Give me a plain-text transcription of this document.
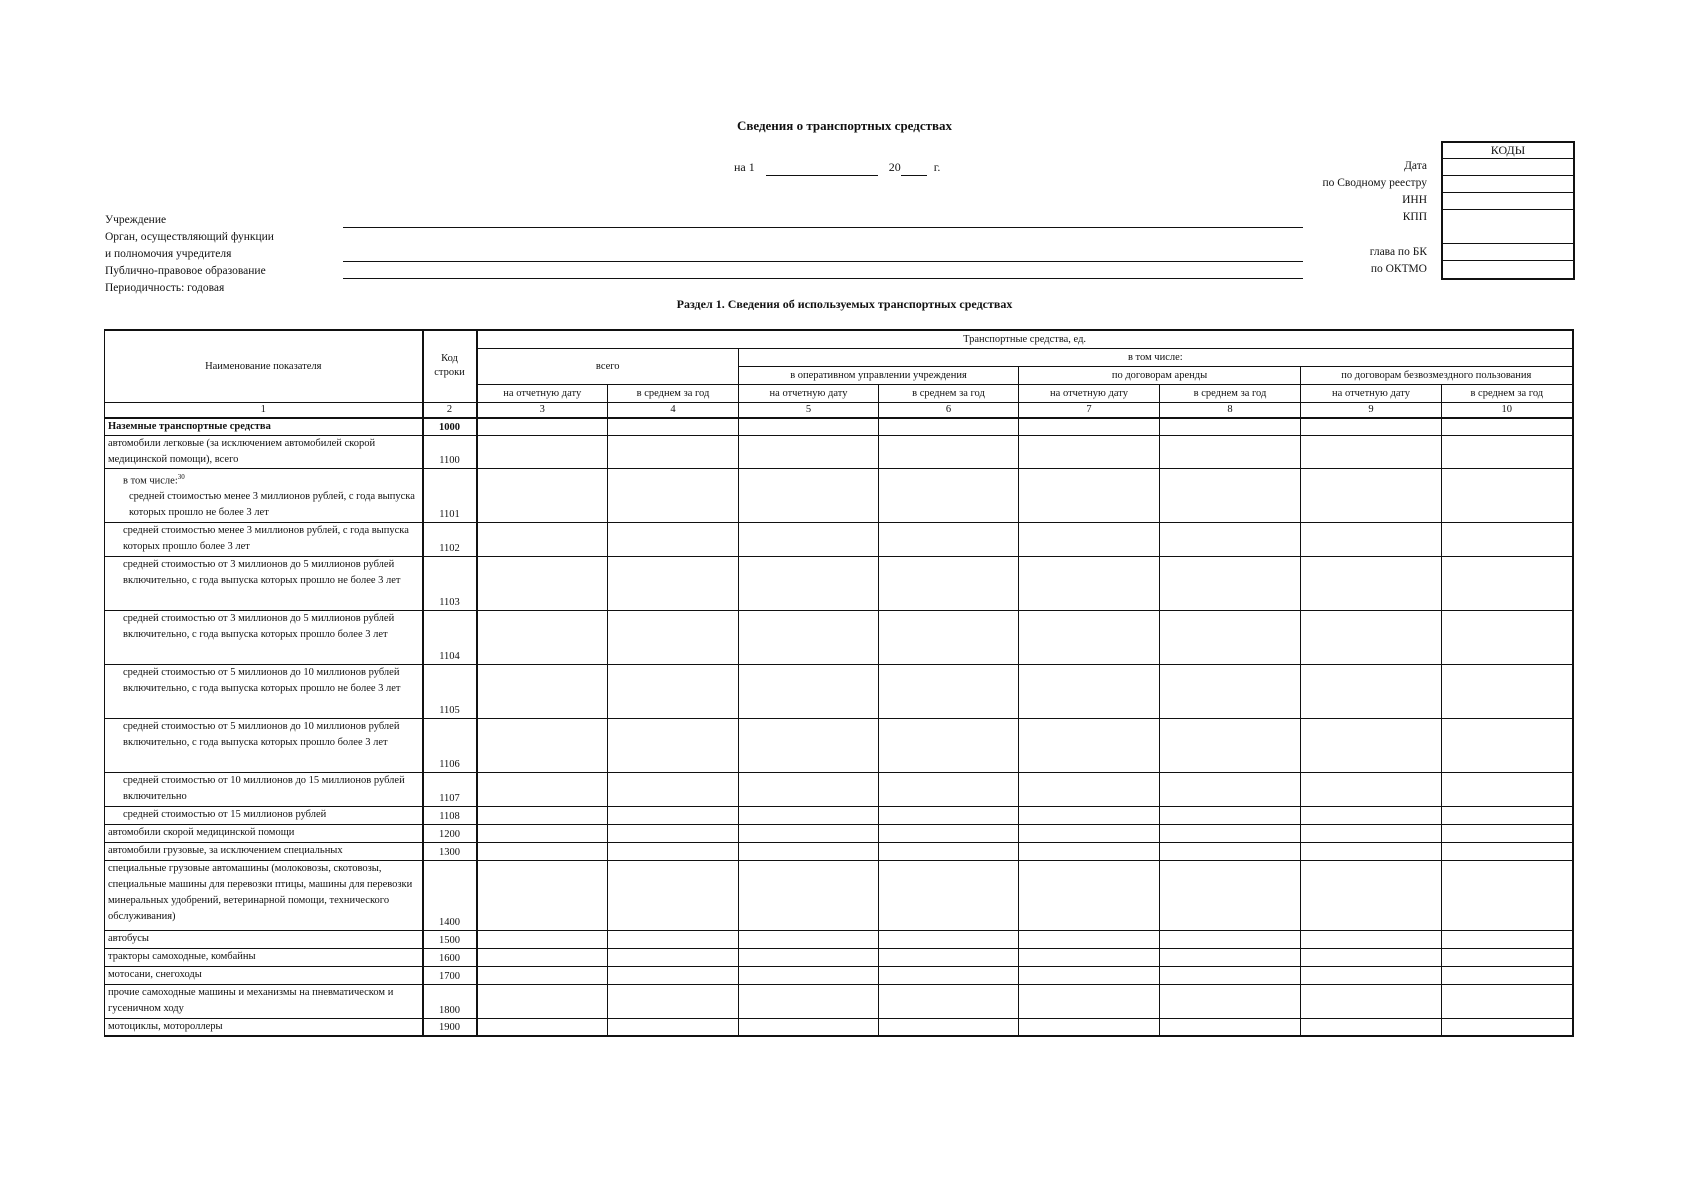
Сведения о транспортных средствах
на 1	20	г.	Дата
по Сводному реестру
ИНН
КПП
глава по БК
по ОКТМО
КОДЫ
Учреждение
Орган, осуществляющий функции
и полномочия учредителя
Публично-правовое образование
Периодичность: годовая
Раздел 1. Сведения об используемых транспортных средствах
Наименование показателя	Код строки	Транспортные средства, ед.							
		всего		в том числе:					
				в оперативном управлении учреждения		по договорам аренды		по договорам безвозмездного пользования	
		на отчетную дату	в среднем за год	на отчетную дату	в среднем за год	на отчетную дату	в среднем за год	на отчетную дату	в среднем за год
1	2	3	4	5	6	7	8	9	10
Наземные транспортные средства	1000								
автомобили легковые (за исключением автомобилей скорой медицинской помощи), всего	1100								

в том числе:$^{30}$
средней стоимостью менее 3 миллионов рублей, с года выпуска которых прошло не более 3 лет	1101								
средней стоимостью менее 3 миллионов рублей, с года выпуска которых прошло более 3 лет	1102								
средней стоимостью от 3 миллионов до 5 миллионов рублей включительно, с года выпуска которых прошло не более 3 лет	1103								
средней стоимостью от 3 миллионов до 5 миллионов рублей включительно, с года выпуска которых прошло более 3 лет	1104								
средней стоимостью от 5 миллионов до 10 миллионов рублей включительно, с года выпуска которых прошло не более 3 лет	1105								
средней стоимостью от 5 миллионов до 10 миллионов рублей включительно, с года выпуска которых прошло более 3 лет	1106								
средней стоимостью от 10 миллионов до 15 миллионов рублей включительно	1107								
средней стоимостью от 15 миллионов рублей	1108								
автомобили скорой медицинской помощи	1200								
автомобили грузовые, за исключением специальных	1300								
специальные грузовые автомашины (молоковозы, скотовозы, специальные машины для перевозки птицы, машины для перевозки минеральных удобрений, ветеринарной помощи, технического обслуживания)	1400								
автобусы	1500								
тракторы самоходные, комбайны	1600								
мотосани, снегоходы	1700								
прочие самоходные машины и механизмы на пневматическом и гусеничном ходу	1800								
мотоциклы, мотороллеры	1900								
